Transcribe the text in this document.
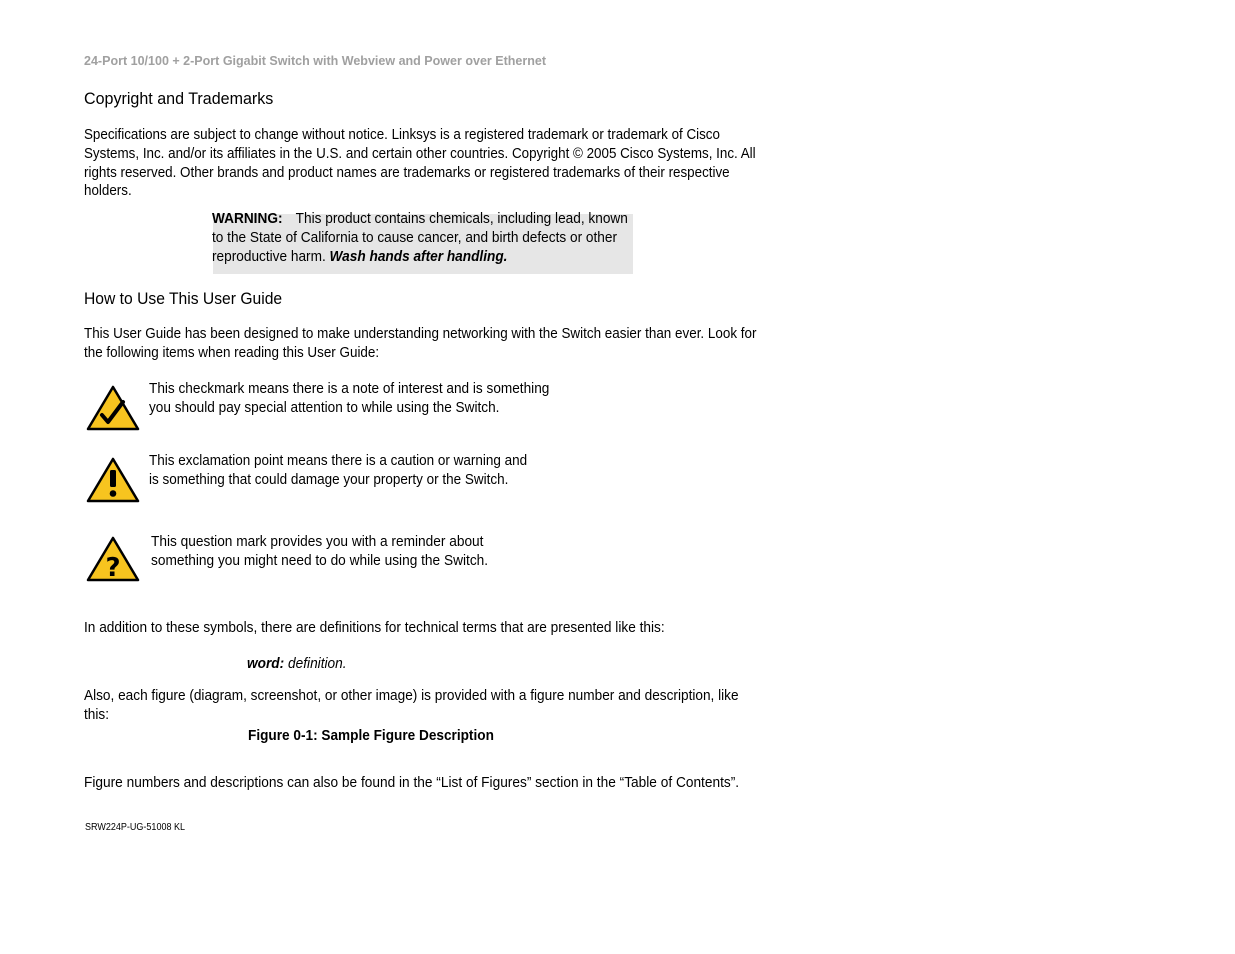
24-Port 10/100 + 2-Port Gigabit Switch with Webview and Power over Ethernet
Copyright and Trademarks
Specifications are subject to change without notice. Linksys is a registered trademark or trademark of Cisco
Systems, Inc. and/or its affiliates in the U.S. and certain other countries. Copyright © 2005 Cisco Systems, Inc. All
rights reserved. Other brands and product names are trademarks or registered trademarks of their respective
holders.
WARNING: This product contains chemicals, including lead, known
to the State of California to cause cancer, and birth defects or other
reproductive harm. Wash hands after handling.
How to Use This User Guide
This User Guide has been designed to make understanding networking with the Switch easier than ever. Look for
the following items when reading this User Guide:
This checkmark means there is a note of interest and is something
you should pay special attention to while using the Switch.
This exclamation point means there is a caution or warning and
is something that could damage your property or the Switch.
?
This question mark provides you with a reminder about
something you might need to do while using the Switch.
In addition to these symbols, there are definitions for technical terms that are presented like this:
word: definition.
Also, each figure (diagram, screenshot, or other image) is provided with a figure number and description, like
this:
Figure 0-1: Sample Figure Description
Figure numbers and descriptions can also be found in the “List of Figures” section in the “Table of Contents”.
SRW224P-UG-51008 KL
